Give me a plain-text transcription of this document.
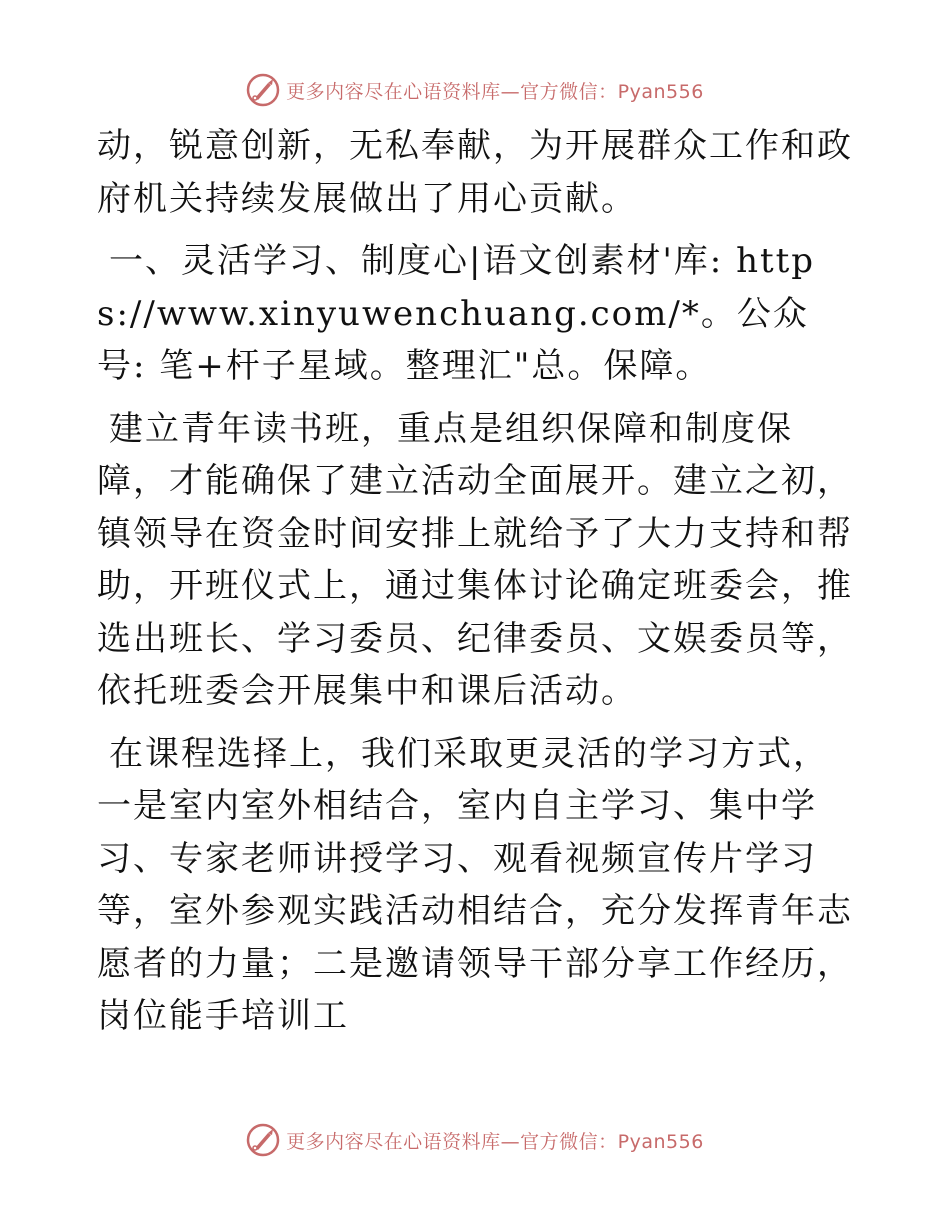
更多内容尽在心语资料库—官方微信：Pyan556

动，锐意创新，无私奉献，为开展群众工作和政府机关持续发展做出了用心贡献。

一、灵活学习、制度心|语文创素材'库: https://www.xinyuwenchuang.com/*。公众号: 笔+杆子星域。整理汇"总。保障。

建立青年读书班，重点是组织保障和制度保障，才能确保了建立活动全面展开。建立之初，镇领导在资金时间安排上就给予了大力支持和帮助，开班仪式上，通过集体讨论确定班委会，推选出班长、学习委员、纪律委员、文娱委员等，依托班委会开展集中和课后活动。

在课程选择上，我们采取更灵活的学习方式，一是室内室外相结合，室内自主学习、集中学习、专家老师讲授学习、观看视频宣传片学习等，室外参观实践活动相结合，充分发挥青年志愿者的力量；二是邀请领导干部分享工作经历，岗位能手培训工

更多内容尽在心语资料库—官方微信：Pyan556
